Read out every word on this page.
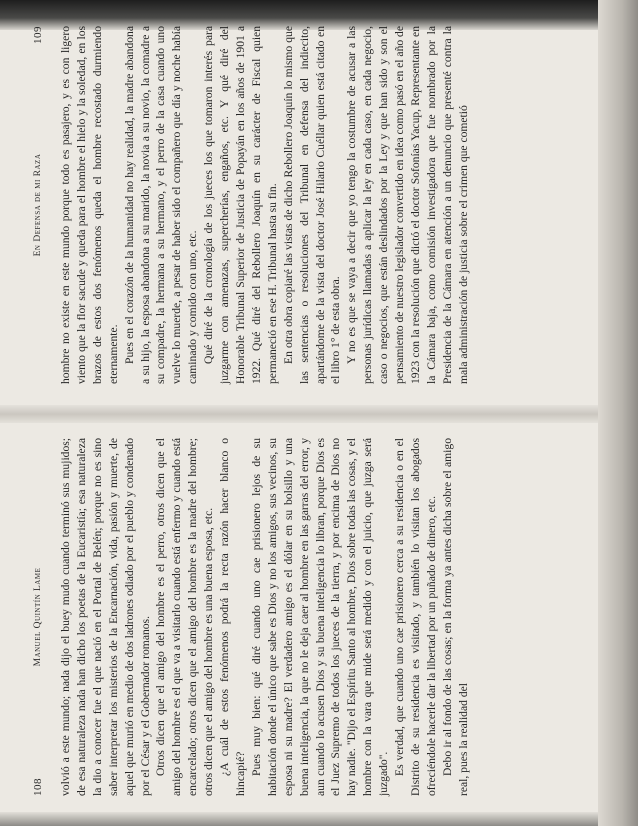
108
Manuel Quintín Lame volvió a este mundo; nada dijo el buey mudo cuando terminó sus mujidos; de esa naturaleza nada han dicho los poetas de la Eucaristía; esa naturaleza la dio a conocer fue el que nació en el Portal de Belén; porque no es sino saber interpretar los misterios de la Encarnación, vida, pasión y muerte, de aquel que murió en medio de dos ladrones odiado por el pueblo y condenado por el César y el Gobernador romanos. Otros dicen que el amigo del hombre es el perro, otros dicen que el amigo del hombre es el que va a visitarlo cuando está enfermo y cuando está encarcelado; otros dicen que el amigo del hombre es la madre del hombre; otros dicen que el amigo del hombre es una buena esposa, etc. ¿A cuál de estos fenómenos podrá la recta razón hacer blanco o hincapié? Pues muy bien: qué diré cuando uno cae prisionero lejos de su habitación donde el único que sabe es Dios y no los amigos, sus vecinos, su esposa ni su madre? El verdadero amigo es el dólar en su bolsillo y una buena inteligencia, la que no le deja caer al hombre en las garras del error, y aun cuando lo acusen Dios y su buena inteligencia lo libran, porque Dios es el Juez Supremo de todos los jueces de la tierra, y por encima de Dios no hay nadie. "Dijo el Espíritu Santo al hombre, Dios sobre todas las cosas, y el hombre con la vara que mide será medido y con el juicio, que juzga será juzgado". Es verdad, que cuando uno cae prisionero cerca a su residencia o en el Distrito de su residencia es visitado, y también lo visitan los abogados ofreciéndole hacerle dar la libertad por un puñado de dinero, etc. Debo ir al fondo de las cosas; en la forma ya antes dicha sobre el amigo real, pues la realidad del

En Defensa de mi Raza
109 hombre no existe en este mundo porque todo es pasajero, y es con ligero viento que la flor sacude y queda para el hombre el hielo y la soledad, en los brazos de estos dos fenómenos queda el hombre recostado durmiendo eternamente. Pues en el corazón de la humanidad no hay realidad, la madre abandona a su hijo, la esposa abandona a su marido, la novia a su novio, la comadre a su compadre, la hermana a su hermano, y el perro de la casa cuando uno vuelve lo muerde, a pesar de haber sido el compañero que día y noche había caminado y comido con uno, etc. Qué diré de la cronología de los jueces los que tomaron interés para juzgarme con amenazas, supercherías, engaños, etc. Y qué diré del Honorable Tribunal Superior de Justicia de Popayán en los años de 1901 a 1922. Qué diré del Rebollero Joaquín en su carácter de Fiscal quien permaneció en ese H. Tribunal hasta su fin. En otra obra copiaré las vistas de dicho Rebollero Joaquín lo mismo que las sentencias o resoluciones del Tribunal en defensa del indiecito, apartándome de la vista del doctor José Hilario Cuéllar quien está citado en el libro 1° de esta obra. Y no es que se vaya a decir que yo tengo la costumbre de acusar a las personas jurídicas llamadas a aplicar la ley en cada caso, en cada negocio, caso o negocios, que están deslindados por la Ley y que han sido y son el pensamiento de nuestro legislador convertido en idea como pasó en el año de 1923 con la resolución que dictó el doctor Sofonías Yacup, Representante en la Cámara baja, como comisión investigadora que fue nombrado por la Presidencia de la Cámara en atención a un denuncio que presenté contra la mala administración de justicia sobre el crimen que cometió
